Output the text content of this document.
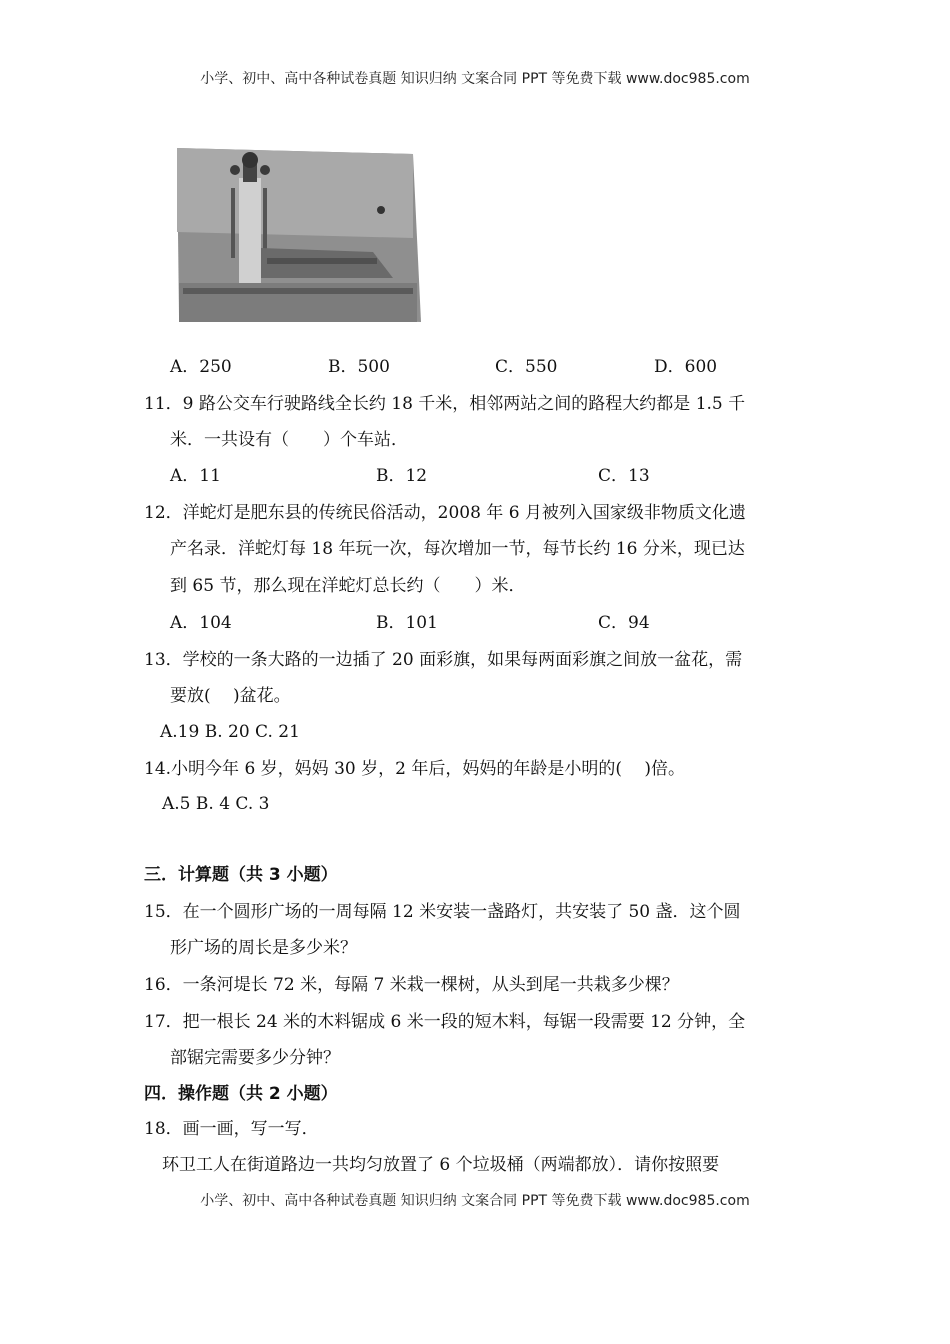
小学、初中、高中各种试卷真题 知识归纳 文案合同 PPT 等免费下载 www.doc985.com
A．250	B．500	C．550	D．600
11．9 路公交车行驶路线全长约 18 千米，相邻两站之间的路程大约都是 1.5 千
米．一共设有（　　）个车站．
A．11	B．12	C．13
12．洋蛇灯是肥东县的传统民俗活动，2008 年 6 月被列入国家级非物质文化遗
产名录．洋蛇灯每 18 年玩一次，每次增加一节，每节长约 16 分米，现已达
到 65 节，那么现在洋蛇灯总长约（　　）米．
A．104	B．101	C．94
13．学校的一条大路的一边插了 20 面彩旗，如果每两面彩旗之间放一盆花，需
要放(　 )盆花。
A.19 B. 20 C. 21
14.小明今年 6 岁，妈妈 30 岁，2 年后，妈妈的年龄是小明的(　 )倍。
A.5 B. 4 C. 3
三．计算题（共 3 小题）
15．在一个圆形广场的一周每隔 12 米安装一盏路灯，共安装了 50 盏．这个圆
形广场的周长是多少米？
16．一条河堤长 72 米，每隔 7 米栽一棵树，从头到尾一共栽多少棵？
17．把一根长 24 米的木料锯成 6 米一段的短木料，每锯一段需要 12 分钟，全
部锯完需要多少分钟？
四．操作题（共 2 小题）
18．画一画，写一写．
环卫工人在街道路边一共均匀放置了 6 个垃圾桶（两端都放）．请你按照要
小学、初中、高中各种试卷真题 知识归纳 文案合同 PPT 等免费下载 www.doc985.com
